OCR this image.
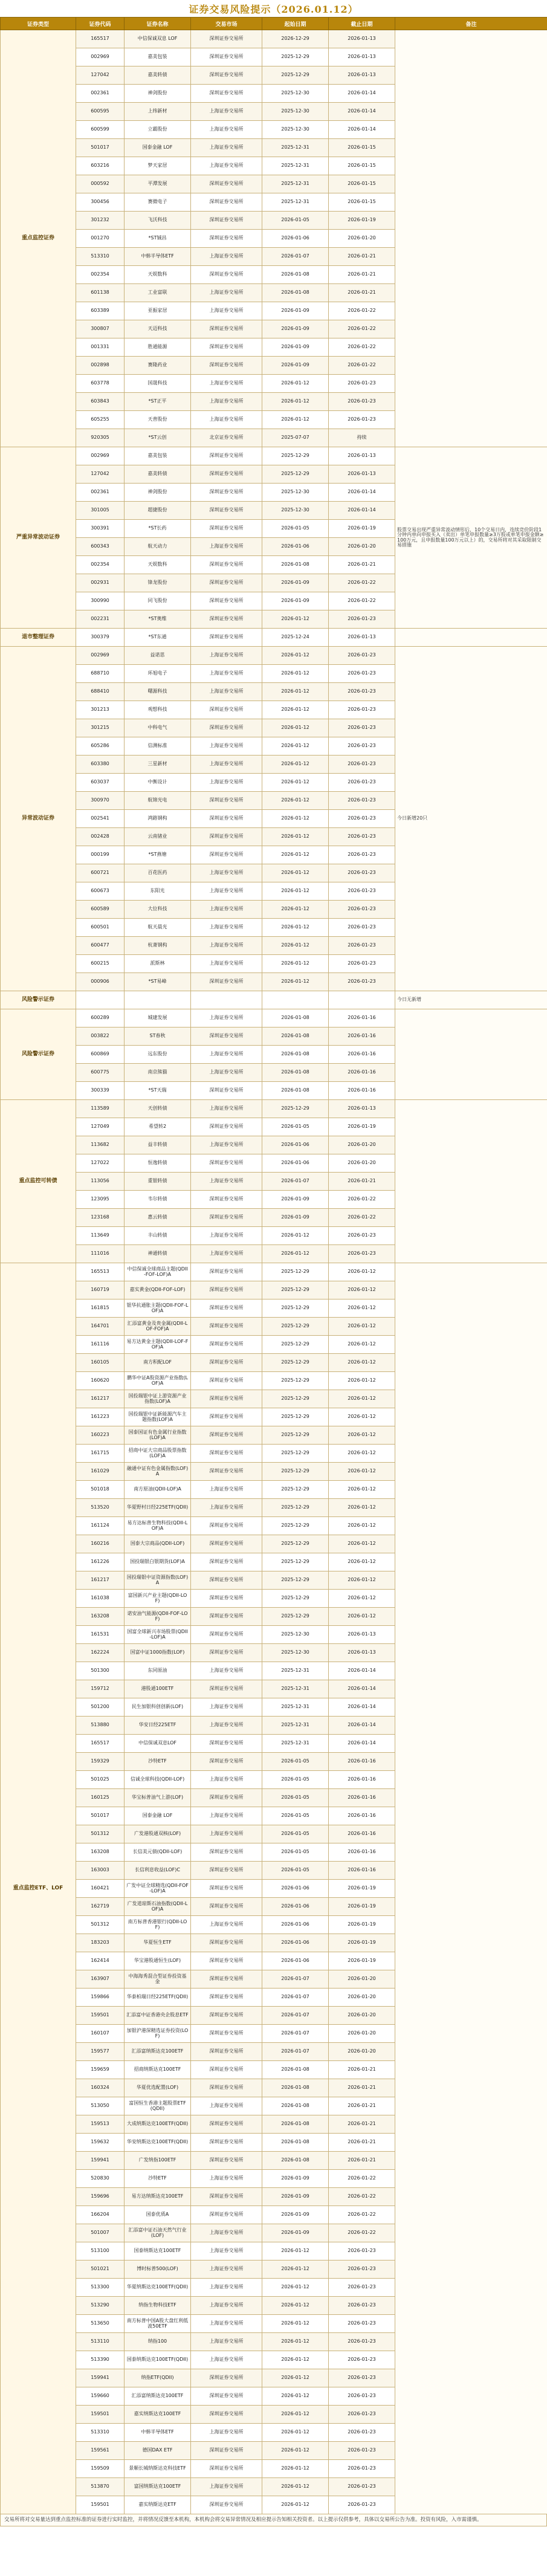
证券交易风险提示（2026.01.12）
证券类型	证券代码	证券名称	交易市场	起始日期	截止日期	备注
重点监控证券	165517	中信保诚双息 LOF	深圳证券交易所	2026-12-29	2026-01-13	
	002969	嘉美包装	深圳证券交易所	2025-12-29	2026-01-13	
	127042	嘉美转债	深圳证券交易所	2025-12-29	2026-01-13	
	002361	神剑股份	深圳证券交易所	2025-12-30	2026-01-14	
	600595	上纬新材	上海证券交易所	2025-12-30	2026-01-14	
	600599	立霸股份	上海证券交易所	2025-12-30	2026-01-14	
	501017	国泰金融 LOF	上海证券交易所	2025-12-31	2026-01-15	
	603216	梦天家居	上海证券交易所	2025-12-31	2026-01-15	
	000592	平潭发展	深圳证券交易所	2025-12-31	2026-01-15	
	300456	赛微电子	深圳证券交易所	2025-12-31	2026-01-15	
	301232	飞沃科技	深圳证券交易所	2026-01-05	2026-01-19	
	001270	*ST铖昌	深圳证券交易所	2026-01-06	2026-01-20	
	513310	中韩半导体ETF	上海证券交易所	2026-01-07	2026-01-21	
	002354	天娱数科	深圳证券交易所	2026-01-08	2026-01-21	
	601138	工业富联	上海证券交易所	2026-01-08	2026-01-21	
	603389	亚振家居	上海证券交易所	2026-01-09	2026-01-22	
	300807	天迈科技	深圳证券交易所	2026-01-09	2026-01-22	
	001331	胜通能源	深圳证券交易所	2026-01-09	2026-01-22	
	002898	赛隆药业	深圳证券交易所	2026-01-09	2026-01-22	
	603778	国晟科技	上海证券交易所	2026-01-12	2026-01-23	
	603843	*ST正平	上海证券交易所	2026-01-12	2026-01-23	
	605255	天普股份	上海证券交易所	2026-01-12	2026-01-23	
	920305	*ST云创	北京证券交易所	2025-07-07	持续	
严重异常波动证券	002969	嘉美包装	深圳证券交易所	2025-12-29	2026-01-13	股票交易出现严重异常波动情形后，10个交易日内，连续竞价阶段1分钟内单向申报买入（卖出）单笔申报数量≥3万股或单笔申报金额≥100万元，且申报数量100万元以上）的，交易所将对其采取限制交易措施
	127042	嘉美转债	深圳证券交易所	2025-12-29	2026-01-13	
	002361	神剑股份	深圳证券交易所	2025-12-30	2026-01-14	
	301005	超捷股份	深圳证券交易所	2025-12-30	2026-01-14	
	300391	*ST长药	深圳证券交易所	2026-01-05	2026-01-19	
	600343	航天动力	上海证券交易所	2026-01-06	2026-01-20	
	002354	天娱数科	深圳证券交易所	2026-01-08	2026-01-21	
	002931	锋龙股份	深圳证券交易所	2026-01-09	2026-01-22	
	300990	同飞股份	深圳证券交易所	2026-01-09	2026-01-22	
	002231	*ST奥维	深圳证券交易所	2026-01-12	2026-01-23	
退市整理证券	300379	*ST东通	深圳证券交易所	2025-12-24	2026-01-13	
异常波动证券	002969	益诺思	上海证券交易所	2026-01-12	2026-01-23	今日新增20只
	688710	环旭电子	上海证券交易所	2026-01-12	2026-01-23	
	688410	曙源科技	上海证券交易所	2026-01-12	2026-01-23	
	301213	观想科技	深圳证券交易所	2026-01-12	2026-01-23	
	301215	中科电气	深圳证券交易所	2026-01-12	2026-01-23	
	605286	信测标准	上海证券交易所	2026-01-12	2026-01-23	
	603380	三星新材	上海证券交易所	2026-01-12	2026-01-23	
	603037	中衡设计	上海证券交易所	2026-01-12	2026-01-23	
	300970	航锦光电	深圳证券交易所	2026-01-12	2026-01-23	
	002541	鸿路钢构	深圳证券交易所	2026-01-12	2026-01-23	
	002428	云南锗业	深圳证券交易所	2026-01-12	2026-01-23	
	000199	*ST燕塘	深圳证券交易所	2026-01-12	2026-01-23	
	600721	百花医药	上海证券交易所	2026-01-12	2026-01-23	
	600673	东阳光	上海证券交易所	2026-01-12	2026-01-23	
	600589	大位科技	上海证券交易所	2026-01-12	2026-01-23	
	600501	航天晨光	上海证券交易所	2026-01-12	2026-01-23	
	600477	杭萧钢构	上海证券交易所	2026-01-12	2026-01-23	
	600215	派斯林	上海证券交易所	2026-01-12	2026-01-23	
	000906	*ST易峰	深圳证券交易所	2026-01-12	2026-01-23	
风险警示证券						今日无新增
风险警示证券	600289	城建发展	上海证券交易所	2026-01-08	2026-01-16	
	003822	ST春秋	深圳证券交易所	2026-01-08	2026-01-16	
	600869	远东股份	上海证券交易所	2026-01-08	2026-01-16	
	600775	南京熊猫	上海证券交易所	2026-01-08	2026-01-16	
	300339	*ST天瑞	深圳证券交易所	2026-01-08	2026-01-16	
重点监控可转债	113589	天创转债	上海证券交易所	2025-12-29	2026-01-13	
	127049	希望转2	深圳证券交易所	2026-01-05	2026-01-19	
	113682	益丰转债	上海证券交易所	2026-01-06	2026-01-20	
	127022	恒逸转债	深圳证券交易所	2026-01-06	2026-01-20	
	113056	重银转债	上海证券交易所	2026-01-07	2026-01-21	
	123095	韦尔转债	深圳证券交易所	2026-01-09	2026-01-22	
	123168	惠云转债	深圳证券交易所	2026-01-09	2026-01-22	
	113649	丰山转债	上海证券交易所	2026-01-12	2026-01-23	
	111016	神通转债	上海证券交易所	2026-01-12	2026-01-23	
重点监控ETF、LOF	165513	中信保诚全球商品主题(QDII-FOF-LOF)A	深圳证券交易所	2025-12-29	2026-01-12	
	160719	嘉实黄金(QDII-FOF-LOF)	深圳证券交易所	2025-12-29	2026-01-12	
	161815	银华抗通胀主题(QDII-FOF-LOF)A	深圳证券交易所	2025-12-29	2026-01-12	
	164701	汇添富黄金及贵金属(QDII-LOF-FOF)A	深圳证券交易所	2025-12-29	2026-01-12	
	161116	易方达黄金主题(QDII-LOF-FOF)A	深圳证券交易所	2025-12-29	2026-01-12	
	160105	南方积配LOF	深圳证券交易所	2025-12-29	2026-01-12	
	160620	鹏华中证A股资源产业指数(LOF)A	深圳证券交易所	2025-12-29	2026-01-12	
	161217	国投瑞银中证上游资源产业指数(LOF)A	深圳证券交易所	2025-12-29	2026-01-12	
	161223	国投瑞银中证新能源汽车主题指数(LOF)A	深圳证券交易所	2025-12-29	2026-01-12	
	160223	国泰国证有色金属行业指数(LOF)A	深圳证券交易所	2025-12-29	2026-01-12	
	161715	招商中证大宗商品股票指数(LOF)A	深圳证券交易所	2025-12-29	2026-01-12	
	161029	融通中证有色金属指数(LOF)A	深圳证券交易所	2025-12-29	2026-01-12	
	501018	南方原油(QDII-LOF)A	上海证券交易所	2025-12-29	2026-01-12	
	513520	华夏野村日经225ETF(QDII)	上海证券交易所	2025-12-29	2026-01-12	
	161124	易方达标普生物科技(QDII-LOF)A	深圳证券交易所	2025-12-29	2026-01-12	
	160216	国泰大宗商品(QDII-LOF)	深圳证券交易所	2025-12-29	2026-01-12	
	161226	国投瑞银白银期货(LOF)A	深圳证券交易所	2025-12-29	2026-01-12	
	161217	国投瑞银中证资源指数(LOF)A	深圳证券交易所	2025-12-29	2026-01-12	
	161038	富国新兴产业主题(QDII-LOF)	深圳证券交易所	2025-12-29	2026-01-12	
	163208	诺安油气能源(QDII-FOF-LOF)	深圳证券交易所	2025-12-29	2026-01-12	
	161531	国富全球新兴市场股票(QDII-LOF)A	深圳证券交易所	2025-12-30	2026-01-13	
	162224	国富中证1000指数(LOF)	深圳证券交易所	2025-12-30	2026-01-13	
	501300	东同原油	上海证券交易所	2025-12-31	2026-01-14	
	159712	港股通100ETF	深圳证券交易所	2025-12-31	2026-01-14	
	501200	民生加银科创创新(LOF)	上海证券交易所	2025-12-31	2026-01-14	
	513880	华安日经225ETF	上海证券交易所	2025-12-31	2026-01-14	
	165517	中信保诚双息LOF	深圳证券交易所	2025-12-31	2026-01-14	
	159329	沙特ETF	深圳证券交易所	2026-01-05	2026-01-16	
	501025	信诚全球科技(QDII-LOF)	上海证券交易所	2026-01-05	2026-01-16	
	160125	华宝标普油气上游(LOF)	深圳证券交易所	2026-01-05	2026-01-16	
	501017	国泰金融 LOF	上海证券交易所	2026-01-05	2026-01-16	
	501312	广发港股通双核(LOF)	上海证券交易所	2026-01-05	2026-01-16	
	163208	长信美元债(QDII-LOF)	深圳证券交易所	2026-01-05	2026-01-16	
	163003	长信利息收益(LOF)C	深圳证券交易所	2026-01-05	2026-01-16	
	160421	广发中证全球精选(QDII-FOF-LOF)A	深圳证券交易所	2026-01-06	2026-01-19	
	162719	广发道琼斯石油指数(QDII-LOF)A	深圳证券交易所	2026-01-06	2026-01-19	
	501312	南方标普香港银行(QDII-LOF)	上海证券交易所	2026-01-06	2026-01-19	
	183203	华夏恒生ETF	深圳证券交易所	2026-01-06	2026-01-19	
	162414	华宝港股通恒生(LOF)	深圳证券交易所	2026-01-06	2026-01-19	
	163907	中海海秀混合型证券投资基金	深圳证券交易所	2026-01-07	2026-01-20	
	159866	华泰柏瑞日经225ETF(QDII)	深圳证券交易所	2026-01-07	2026-01-20	
	159501	汇添富中证香港央企股息ETF	深圳证券交易所	2026-01-07	2026-01-20	
	160107	加银沪港深精选证券投资(LOF)	深圳证券交易所	2026-01-07	2026-01-20	
	159577	汇添富纳斯达克100ETF	深圳证券交易所	2026-01-07	2026-01-20	
	159659	招商纳斯达克100ETF	深圳证券交易所	2026-01-08	2026-01-21	
	160324	华夏优选配置(LOF)	深圳证券交易所	2026-01-08	2026-01-21	
	513050	富国恒生香港主题股票ETF(QDII)	上海证券交易所	2026-01-08	2026-01-21	
	159513	大成纳斯达克100ETF(QDII)	深圳证券交易所	2026-01-08	2026-01-21	
	159632	华安纳斯达克100ETF(QDII)	深圳证券交易所	2026-01-08	2026-01-21	
	159941	广发纳指100ETF	深圳证券交易所	2026-01-08	2026-01-21	
	520830	沙特ETF	上海证券交易所	2026-01-09	2026-01-22	
	159696	易方达纳斯达克100ETF	深圳证券交易所	2026-01-09	2026-01-22	
	166204	国泰优质A	深圳证券交易所	2026-01-09	2026-01-22	
	501007	汇添富中证石油天然气行业(LOF)	上海证券交易所	2026-01-09	2026-01-22	
	513100	国泰纳斯达克100ETF	上海证券交易所	2026-01-12	2026-01-23	
	501021	博时标普500(LOF)	上海证券交易所	2026-01-12	2026-01-23	
	513300	华夏纳斯达克100ETF(QDII)	上海证券交易所	2026-01-12	2026-01-23	
	513290	纳指生物科技ETF	上海证券交易所	2026-01-12	2026-01-23	
	513650	南方标普中国A股大盘红利低波50ETF	上海证券交易所	2026-01-12	2026-01-23	
	513110	纳指100	上海证券交易所	2026-01-12	2026-01-23	
	513390	国泰纳斯达克100ETF(QDII)	上海证券交易所	2026-01-12	2026-01-23	
	159941	纳指ETF(QDII)	深圳证券交易所	2026-01-12	2026-01-23	
	159660	汇添富纳斯达克100ETF	深圳证券交易所	2026-01-12	2026-01-23	
	159501	嘉实纳斯达克100ETF	深圳证券交易所	2026-01-12	2026-01-23	
	513310	中韩半导体ETF	上海证券交易所	2026-01-12	2026-01-23	
	159561	德国DAX ETF	深圳证券交易所	2026-01-12	2026-01-23	
	159509	景顺长城纳斯达克科技ETF	深圳证券交易所	2026-01-12	2026-01-23	
	513870	富国纳斯达克100ETF	上海证券交易所	2026-01-12	2026-01-23	
	159501	嘉实纳斯达克ETF	深圳证券交易所	2026-01-12	2026-01-23	
交易所将对交易量达到重点监控标准的证券进行实时监控，并将情况反馈至本机构，本机构会将交易异常情况及相应提示告知相关投资者。以上提示仅供参考，具体以交易所公告为准。投资有风险，入市需谨慎。
